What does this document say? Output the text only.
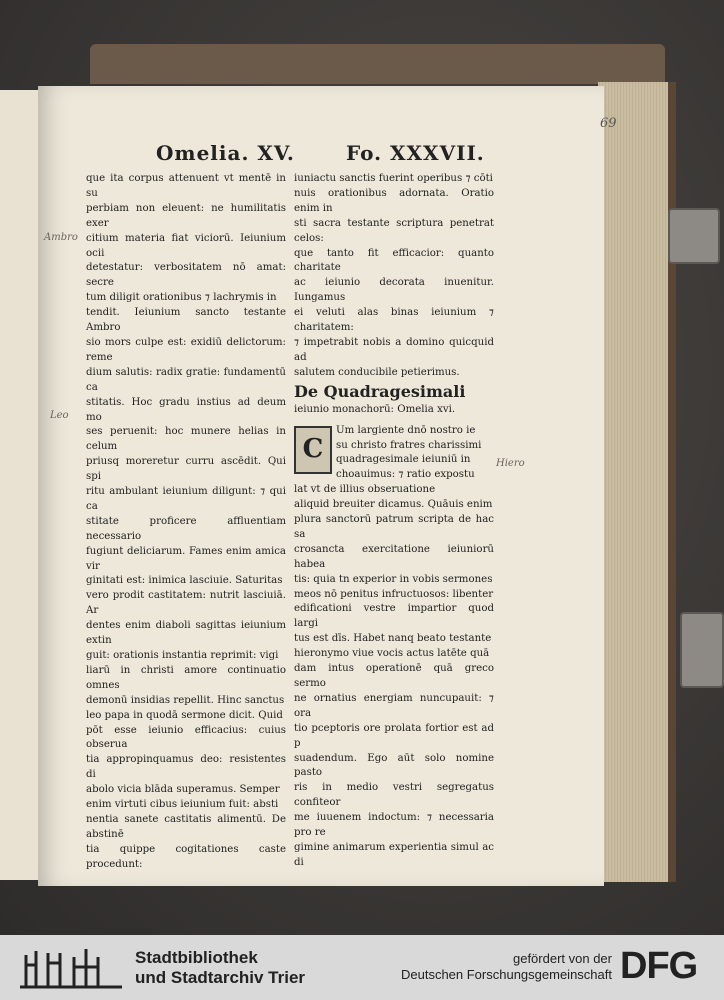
69
Omelia. XV.	Fo. XXXVII.
que ita corpus attenuent vt mentē in su
perbiam non eleuent: ne humilitatis exer
citium materia fiat viciorū. Ieiunium ocii
detestatur: verbositatem nō amat: secre
tum diligit orationibus ⁊ lachrymis in
tendit. Ieiunium sancto testante Ambro
sio mors culpe est: exidiū delictorum: reme
dium salutis: radix gratie: fundamentū ca
stitatis. Hoc gradu instius ad deum mo
ses peruenit: hoc munere helias in celum
priusq moreretur curru ascēdit. Qui spi
ritu ambulant ieiunium diligunt: ⁊ qui ca
stitate proficere affluentiam necessario
fugiunt deliciarum. Fames enim amica vir
ginitati est: inimica lasciuie. Saturitas
vero prodit castitatem: nutrit lasciuiā. Ar
dentes enim diaboli sagittas ieiunium extin
guit: orationis instantia reprimit: vigi
liarū in christi amore continuatio omnes
demonū insidias repellit. Hinc sanctus
leo papa in quodā sermone dicit. Quid
pōt esse ieiunio efficacius: cuius obserua
tia appropinquamus deo: resistentes di
abolo vicia blāda superamus. Semper
enim virtuti cibus ieiunium fuit: absti
nentia sanete castitatis alimentū. De abstinē
tia quippe cogitationes caste procedunt:
iuniactu sanctis fuerint operibus ⁊ cōti
nuis orationibus adornata. Oratio enim in
sti sacra testante scriptura penetrat celos:
que tanto fit efficacior: quanto charitate
ac ieiunio decorata inuenitur. Iungamus
ei veluti alas binas ieiunium ⁊ charitatem:
⁊ impetrabit nobis a domino quicquid ad
salutem conducibile petierimus.
De Quadragesimali
ieiunio monachorū: Omelia xvi.
C
Um largiente dnō nostro ie
su christo fratres charissimi
quadragesimale ieiuniū in
choauimus: ⁊ ratio expostu
lat vt de illius obseruatione
aliquid breuiter dicamus. Quāuis enim
plura sanctorū patrum scripta de hac sa
crosancta exercitatione ieiuniorū habea
tis: quia tn experior in vobis sermones
meos nō penitus infructuosos: libenter
edificationi vestre impartior quod largi
tus est dīs. Habet nanq beato testante
hieronymo viue vocis actus latēte quā
dam intus operationē quā greco sermo
ne ornatius energiam nuncupauit: ⁊ ora
tio pceptoris ore prolata fortior est ad p
suadendum. Ego aūt solo nomine pasto
ris in medio vestri segregatus confiteor
me iuuenem indoctum: ⁊ necessaria pro re
gimine animarum experientia simul ac di
Ambro
Leo
Hiero
Stadtbibliothek
und Stadtarchiv Trier
gefördert von der
Deutschen Forschungsgemeinschaft DFG
